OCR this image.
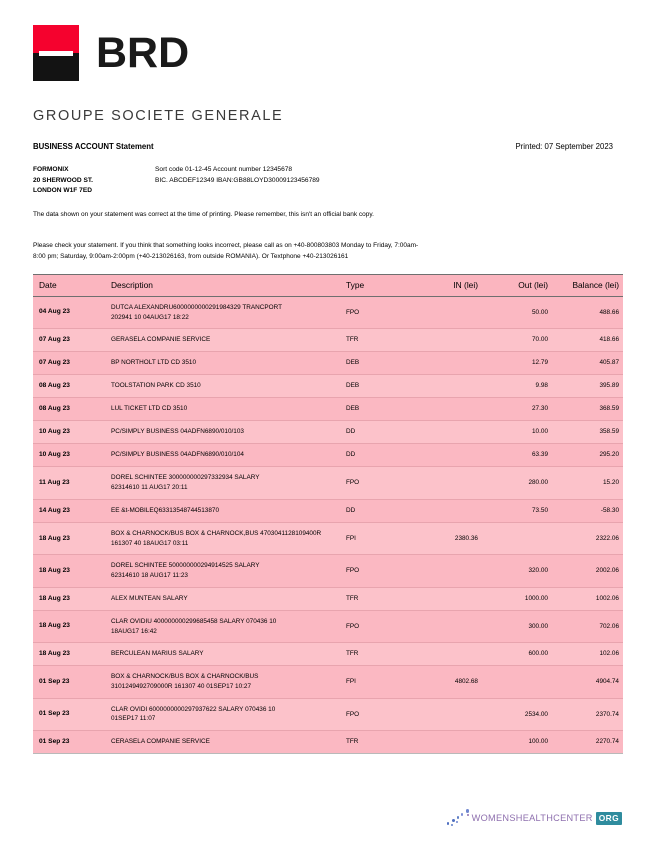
BRD
GROUPE SOCIETE GENERALE
BUSINESS ACCOUNT Statement	Printed: 07 September 2023
FORMONIX
20 SHERWOOD ST.
LONDON W1F 7ED
Sort code 01-12-45 Account number 12345678
BIC. ABCDEF12349 IBAN:GB88LOYD30009123456789
The data shown on your statement was correct at the time of printing. Please remember, this isn't an official bank copy.
Please check your statement. If you think that something looks incorrect, please call as on +40-800803803 Monday to Friday, 7:00am-
8:00 pm; Saturday, 9:00am-2:00pm (+40-213026163, from outside ROMANIA). Or Textphone +40-213026161
Date	Description	Type	IN (lei)	Out (lei)	Balance (lei)
04 Aug 23	DUTCA ALEXANDRU6000000000291984329 TRANCPORT
202941 10 04AUG17 18:22	FPO		50.00	488.66
07 Aug 23	GERASELA COMPANIE SERVICE	TFR		70.00	418.66
07 Aug 23	BP NORTHOLT LTD CD 3510	DEB		12.79	405.87
08 Aug 23	TOOLSTATION PARK CD 3510	DEB		9.98	395.89
08 Aug 23	LUL TICKET LTD CD 3510	DEB		27.30	368.59
10 Aug 23	PC/SIMPLY BUSINESS 04ADFN6890/010/103	DD		10.00	358.59
10 Aug 23	PC/SIMPLY BUSINESS 04ADFN6890/010/104	DD		63.39	295.20
11 Aug 23	DOREL SCHINTEE 300000000297332934 SALARY
62314610 11 AUG17 20:11	FPO		280.00	15.20
14 Aug 23	EE &t-MOBILEQ63313548744513870	DD		73.50	-58.30
18 Aug 23	BOX & CHARNOCK/BUS BOX & CHARNOCK,BUS 4703041128109400R
161307 40 18AUG17 03:11	FPI	2380.36		2322.06
18 Aug 23	DOREL SCHINTEE 500000000294914525 SALARY
62314610 18 AUG17 11:23	FPO		320.00	2002.06
18 Aug 23	ALEX MUNTEAN SALARY	TFR		1000.00	1002.06
18 Aug 23	CLAR OVIDIU 400000000299685458 SALARY 070436 10
18AUG17 16:42	FPO		300.00	702.06
18 Aug 23	BERCULEAN MARIUS SALARY	TFR		600.00	102.06
01 Sep 23	BOX & CHARNOCK/BUS BOX & CHARNOCK/BUS
3101249492709000R 161307 40 01SEP17 10:27	FPI	4802.68		4904.74
01 Sep 23	CLAR OVIDI 6000000000297937622 SALARY 070436 10
01SEP17 11:07	FPO		2534.00	2370.74
01 Sep 23	CERASELA COMPANIE SERVICE	TFR		100.00	2270.74
WOMENSHEALTHCENTER ORG
